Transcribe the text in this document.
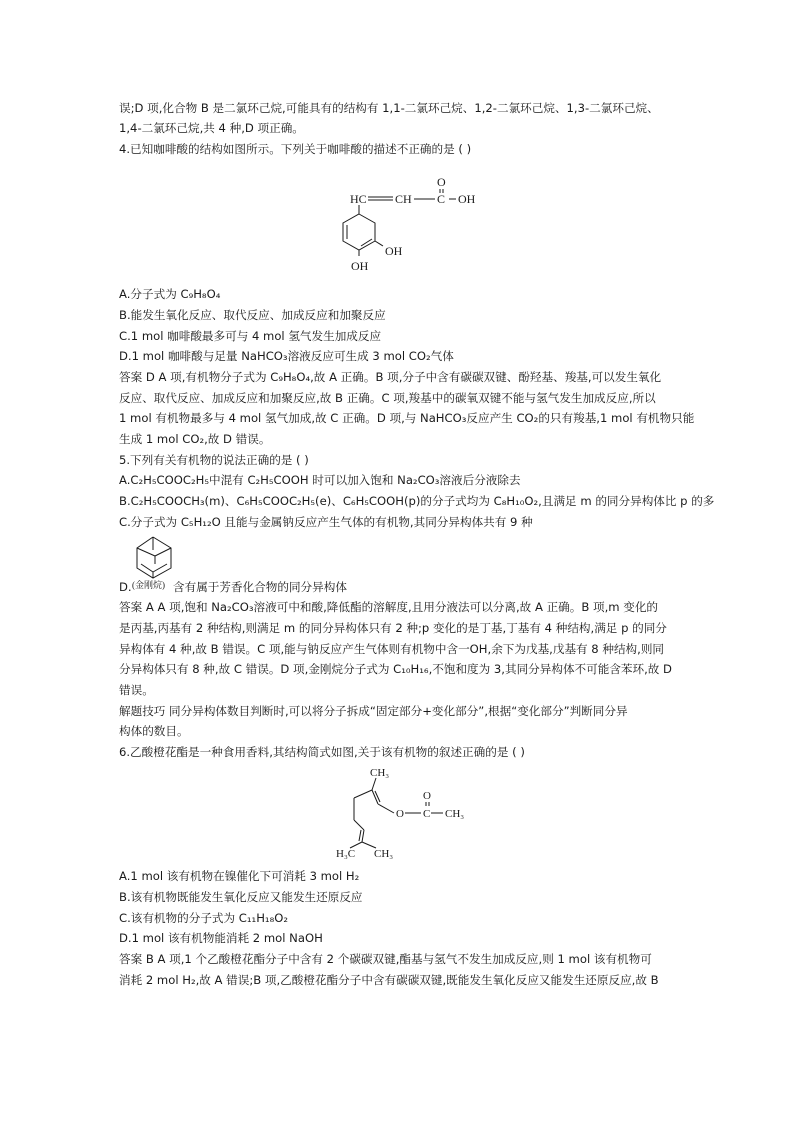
误;D 项,化合物 B 是二氯环己烷,可能具有的结构有 1,1-二氯环己烷、1,2-二氯环己烷、1,3-二氯环己烷、
1,4-二氯环己烷,共 4 种,D 项正确。
4.已知咖啡酸的结构如图所示。下列关于咖啡酸的描述不正确的是 ( )
HC CH C
O
OH
OH
OH
A.分子式为 C₉H₈O₄
B.能发生氧化反应、取代反应、加成反应和加聚反应
C.1 mol 咖啡酸最多可与 4 mol 氢气发生加成反应
D.1 mol 咖啡酸与足量 NaHCO₃溶液反应可生成 3 mol CO₂气体
答案 D A 项,有机物分子式为 C₉H₈O₄,故 A 正确。B 项,分子中含有碳碳双键、酚羟基、羧基,可以发生氧化
反应、取代反应、加成反应和加聚反应,故 B 正确。C 项,羧基中的碳氧双键不能与氢气发生加成反应,所以
1 mol 有机物最多与 4 mol 氢气加成,故 C 正确。D 项,与 NaHCO₃反应产生 CO₂的只有羧基,1 mol 有机物只能
生成 1 mol CO₂,故 D 错误。
5.下列有关有机物的说法正确的是 ( )
A.C₂H₅COOC₂H₅中混有 C₂H₅COOH 时可以加入饱和 Na₂CO₃溶液后分液除去
B.C₂H₅COOCH₃(m)、C₆H₅COOC₂H₅(e)、C₆H₅COOH(p)的分子式均为 C₈H₁₀O₂,且满足 m 的同分异构体比 p 的多
C.分子式为 C₅H₁₂O 且能与金属钠反应产生气体的有机物,其同分异构体共有 9 种
(金刚烷)
D.	含有属于芳香化合物的同分异构体
答案 A A 项,饱和 Na₂CO₃溶液可中和酸,降低酯的溶解度,且用分液法可以分离,故 A 正确。B 项,m 变化的
是丙基,丙基有 2 种结构,则满足 m 的同分异构体只有 2 种;p 变化的是丁基,丁基有 4 种结构,满足 p 的同分
异构体有 4 种,故 B 错误。C 项,能与钠反应产生气体则有机物中含一OH,余下为戊基,戊基有 8 种结构,则同
分异构体只有 8 种,故 C 错误。D 项,金刚烷分子式为 C₁₀H₁₆,不饱和度为 3,其同分异构体不可能含苯环,故 D
错误。
解题技巧 同分异构体数目判断时,可以将分子拆成“固定部分+变化部分”,根据“变化部分”判断同分异
构体的数目。
6.乙酸橙花酯是一种食用香料,其结构简式如图,关于该有机物的叙述正确的是 ( )
CH₃
O C
O
CH₃
H₃C CH₃
A.1 mol 该有机物在镍催化下可消耗 3 mol H₂
B.该有机物既能发生氧化反应又能发生还原反应
C.该有机物的分子式为 C₁₁H₁₈O₂
D.1 mol 该有机物能消耗 2 mol NaOH
答案 B A 项,1 个乙酸橙花酯分子中含有 2 个碳碳双键,酯基与氢气不发生加成反应,则 1 mol 该有机物可
消耗 2 mol H₂,故 A 错误;B 项,乙酸橙花酯分子中含有碳碳双键,既能发生氧化反应又能发生还原反应,故 B
